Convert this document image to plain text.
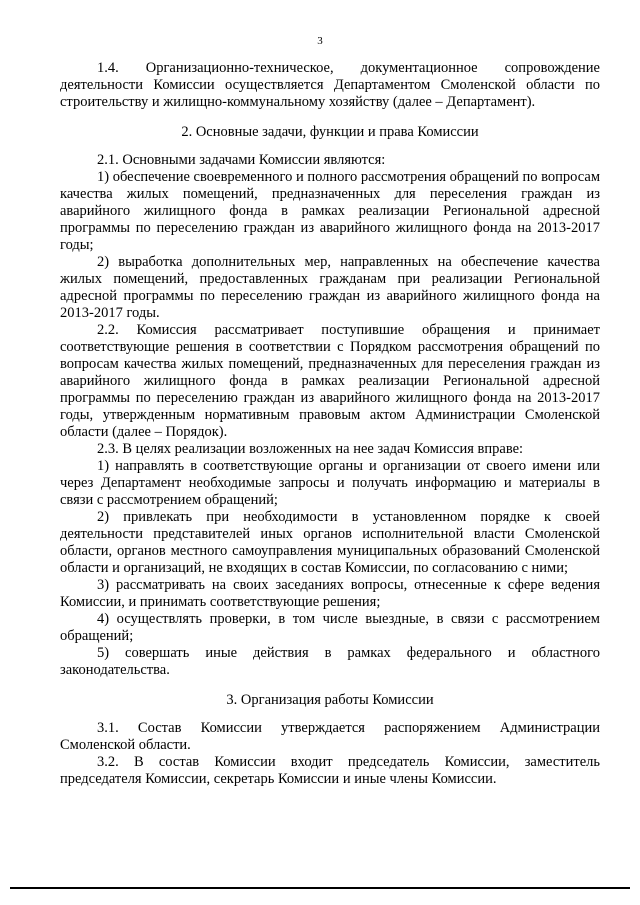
3

1.4. Организационно-техническое, документационное сопровождение деятельности Комиссии осуществляется Департаментом Смоленской области по строительству и жилищно-коммунальному хозяйству (далее – Департамент).

2. Основные задачи, функции и права Комиссии

2.1. Основными задачами Комиссии являются:

1) обеспечение своевременного и полного рассмотрения обращений по вопросам качества жилых помещений, предназначенных для переселения граждан из аварийного жилищного фонда в рамках реализации Региональной адресной программы по переселению граждан из аварийного жилищного фонда на 2013-2017 годы;

2) выработка дополнительных мер, направленных на обеспечение качества жилых помещений, предоставленных гражданам при реализации Региональной адресной программы по переселению граждан из аварийного жилищного фонда на 2013-2017 годы.

2.2. Комиссия рассматривает поступившие обращения и принимает соответствующие решения в соответствии с Порядком рассмотрения обращений по вопросам качества жилых помещений, предназначенных для переселения граждан из аварийного жилищного фонда в рамках реализации Региональной адресной программы по переселению граждан из аварийного жилищного фонда на 2013-2017 годы, утвержденным нормативным правовым актом Администрации Смоленской области (далее – Порядок).

2.3. В целях реализации возложенных на нее задач Комиссия вправе:

1) направлять в соответствующие органы и организации от своего имени или через Департамент необходимые запросы и получать информацию и материалы в связи с рассмотрением обращений;

2) привлекать при необходимости в установленном порядке к своей деятельности представителей иных органов исполнительной власти Смоленской области, органов местного самоуправления муниципальных образований Смоленской области и организаций, не входящих в состав Комиссии, по согласованию с ними;

3) рассматривать на своих заседаниях вопросы, отнесенные к сфере ведения Комиссии, и принимать соответствующие решения;

4) осуществлять проверки, в том числе выездные, в связи с рассмотрением обращений;

5) совершать иные действия в рамках федерального и областного законодательства.

3. Организация работы Комиссии

3.1. Состав Комиссии утверждается распоряжением Администрации Смоленской области.

3.2. В состав Комиссии входит председатель Комиссии, заместитель председателя Комиссии, секретарь Комиссии и иные члены Комиссии.
